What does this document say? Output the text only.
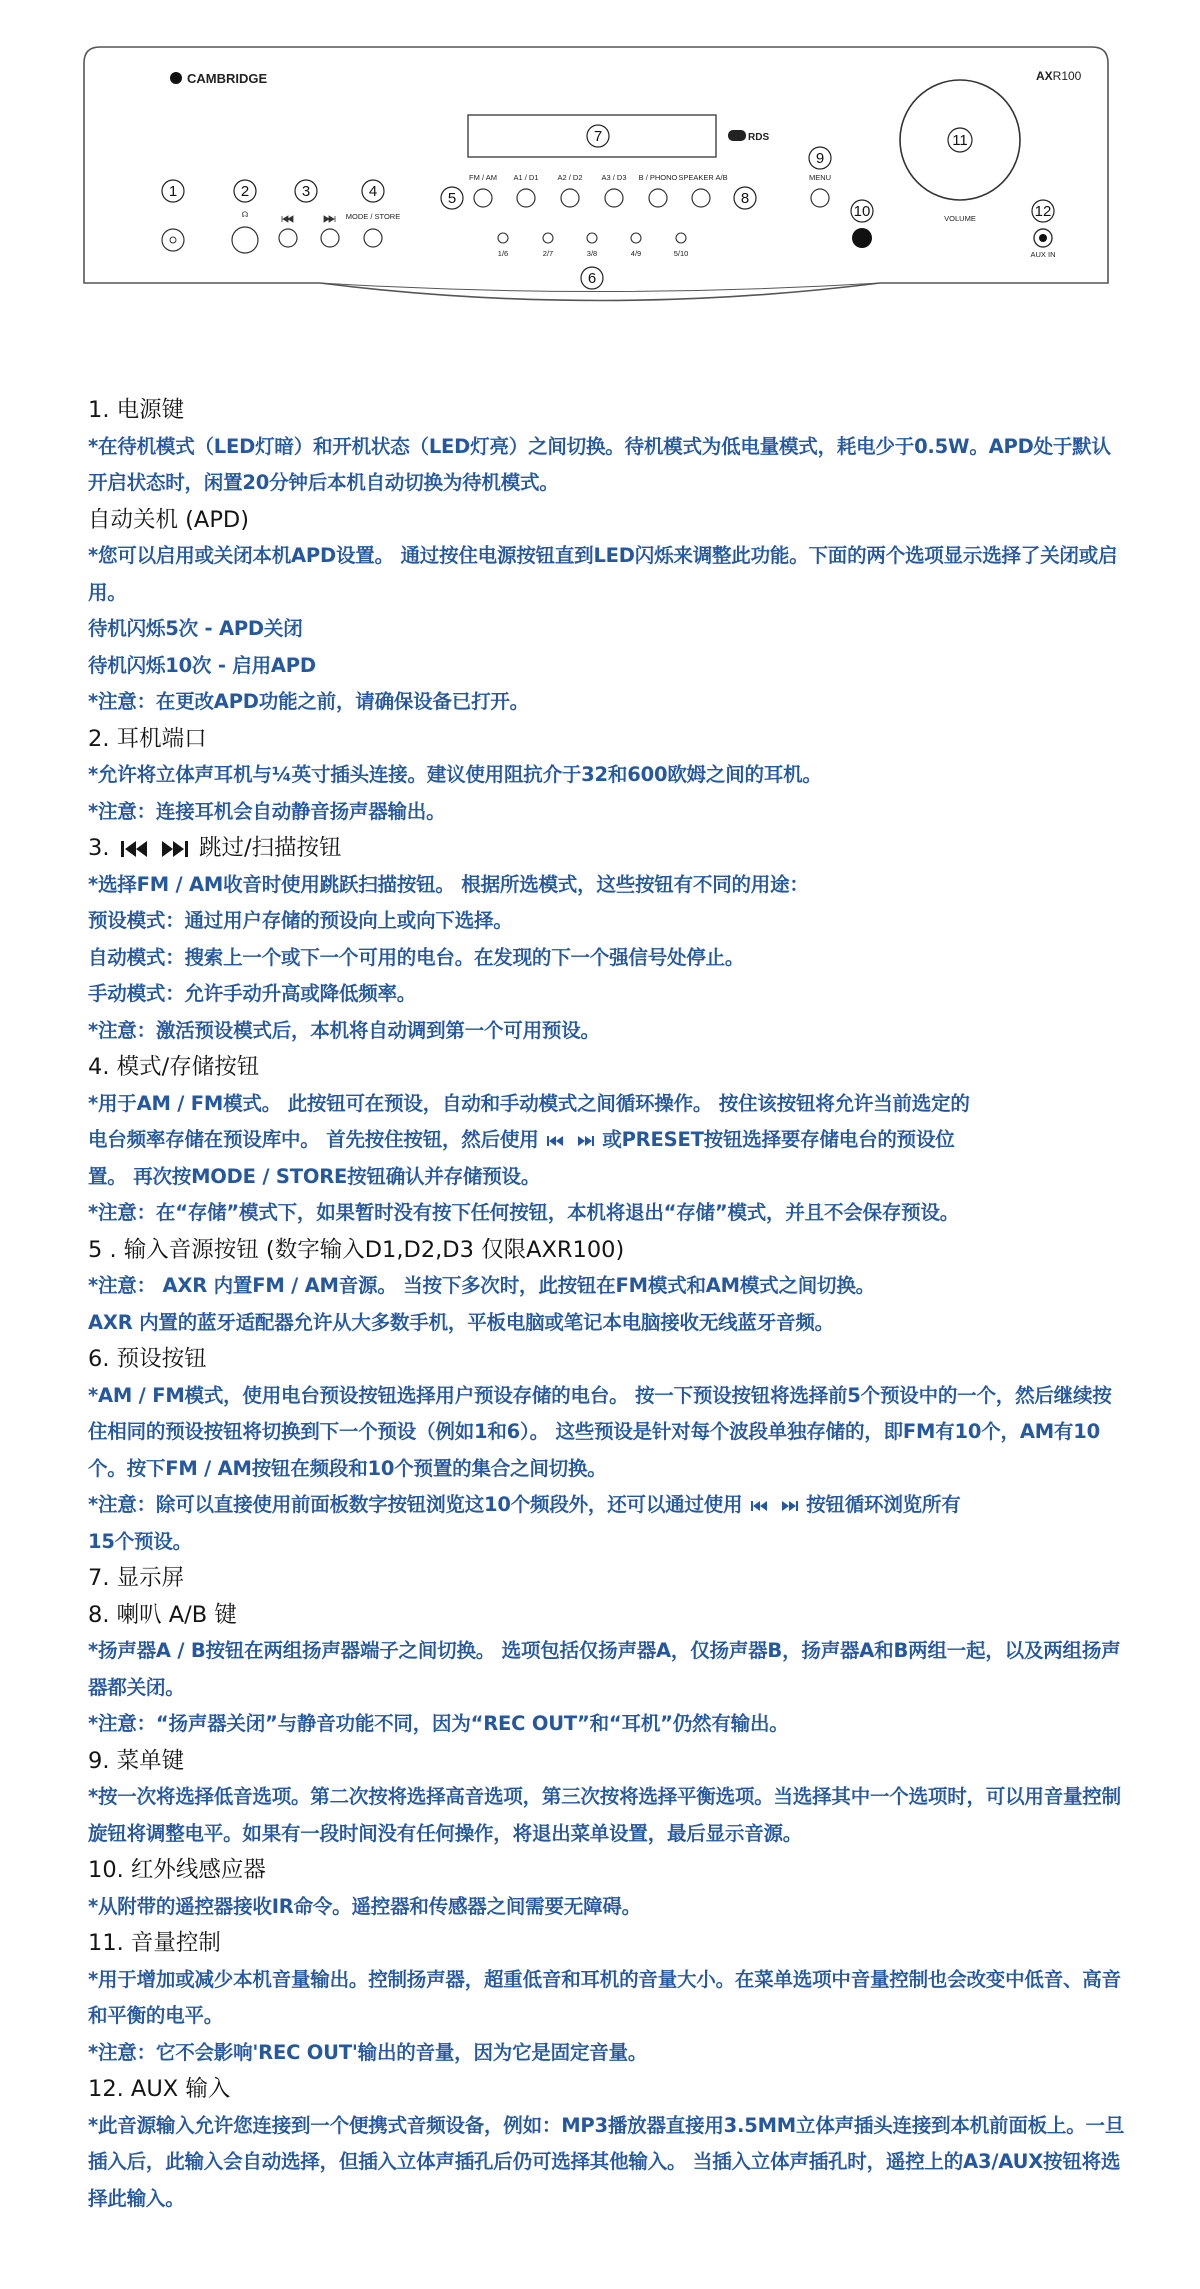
CAMBRIDGE	AXR100
RDS
VOLUME
☊	MODE / STORE
FM / AM A1 / D1	A2 / D2	A3 / D3 B / PHONO SPEAKER A/B	MENU
AUX IN
1/6	2/7	3/8	4/9	5/10
1	2	3	4	5
6
7
8
9
10
11
12
1. 电源键
*在待机模式（LED灯暗）和开机状态（LED灯亮）之间切换。待机模式为低电量模式，耗电少于0.5W。APD处于默认开启状态时，闲置20分钟后本机自动切换为待机模式。
自动关机 (APD)
*您可以启用或关闭本机APD设置。 通过按住电源按钮直到LED闪烁来调整此功能。下面的两个选项显示选择了关闭或启用。
待机闪烁5次 - APD关闭
待机闪烁10次 - 启用APD
*注意：在更改APD功能之前，请确保设备已打开。
2. 耳机端口
*允许将立体声耳机与¼英寸插头连接。建议使用阻抗介于32和600欧姆之间的耳机。
*注意：连接耳机会自动静音扬声器输出。
3.	跳过/扫描按钮
*选择FM / AM收音时使用跳跃扫描按钮。 根据所选模式，这些按钮有不同的用途：
预设模式：通过用户存储的预设向上或向下选择。
自动模式：搜索上一个或下一个可用的电台。在发现的下一个强信号处停止。
手动模式：允许手动升高或降低频率。
*注意：激活预设模式后，本机将自动调到第一个可用预设。
4. 模式/存储按钮
*用于AM / FM模式。 此按钮可在预设，自动和手动模式之间循环操作。 按住该按钮将允许当前选定的
电台频率存储在预设库中。 首先按住按钮，然后使用	或PRESET按钮选择要存储电台的预设位
置。 再次按MODE / STORE按钮确认并存储预设。
*注意：在“存储”模式下，如果暂时没有按下任何按钮，本机将退出“存储”模式，并且不会保存预设。
5 . 输入音源按钮 (数字输入D1,D2,D3 仅限AXR100)
*注意： AXR 内置FM / AM音源。 当按下多次时，此按钮在FM模式和AM模式之间切换。
AXR 内置的蓝牙适配器允许从大多数手机，平板电脑或笔记本电脑接收无线蓝牙音频。
6. 预设按钮
*AM / FM模式，使用电台预设按钮选择用户预设存储的电台。 按一下预设按钮将选择前5个预设中的一个，然后继续按住相同的预设按钮将切换到下一个预设（例如1和6）。 这些预设是针对每个波段单独存储的，即FM有10个，AM有10个。按下FM / AM按钮在频段和10个预置的集合之间切换。
*注意：除可以直接使用前面板数字按钮浏览这10个频段外，还可以通过使用	按钮循环浏览所有
15个预设。
7. 显示屏
8. 喇叭 A/B 键
*扬声器A / B按钮在两组扬声器端子之间切换。 选项包括仅扬声器A，仅扬声器B，扬声器A和B两组一起，以及两组扬声器都关闭。
*注意：“扬声器关闭”与静音功能不同，因为“REC OUT”和“耳机”仍然有输出。
9. 菜单键
*按一次将选择低音选项。第二次按将选择高音选项，第三次按将选择平衡选项。当选择其中一个选项时，可以用音量控制旋钮将调整电平。如果有一段时间没有任何操作，将退出菜单设置，最后显示音源。
10. 红外线感应器
*从附带的遥控器接收IR命令。遥控器和传感器之间需要无障碍。
11. 音量控制
*用于增加或减少本机音量输出。控制扬声器，超重低音和耳机的音量大小。在菜单选项中音量控制也会改变中低音、高音和平衡的电平。
*注意：它不会影响'REC OUT'输出的音量，因为它是固定音量。
12. AUX 输入
*此音源输入允许您连接到一个便携式音频设备，例如：MP3播放器直接用3.5MM立体声插头连接到本机前面板上。一旦插入后，此输入会自动选择，但插入立体声插孔后仍可选择其他输入。 当插入立体声插孔时，遥控上的A3/AUX按钮将选择此输入。
